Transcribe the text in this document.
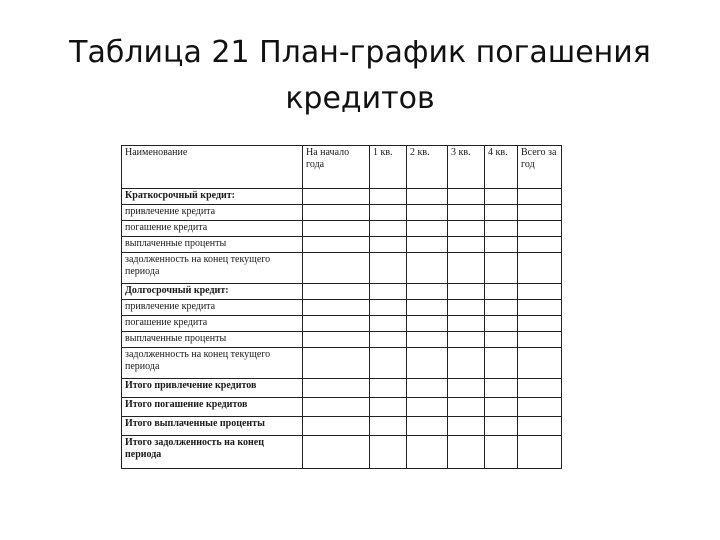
Таблица 21 План-график погашения
кредитов
Наименование	На начало года	1 кв.	2 кв.	3 кв.	4 кв.	Всего за год
Краткосрочный кредит:						
привлечение кредита						
погашение кредита						
выплаченные проценты						
задолженность на конец текущего периода						
Долгосрочный кредит:						
привлечение кредита						
погашение кредита						
выплаченные проценты						
задолженность на конец текущего периода						
Итого привлечение кредитов						
Итого погашение кредитов						
Итого выплаченные проценты						
Итого задолженность на конец периода						
